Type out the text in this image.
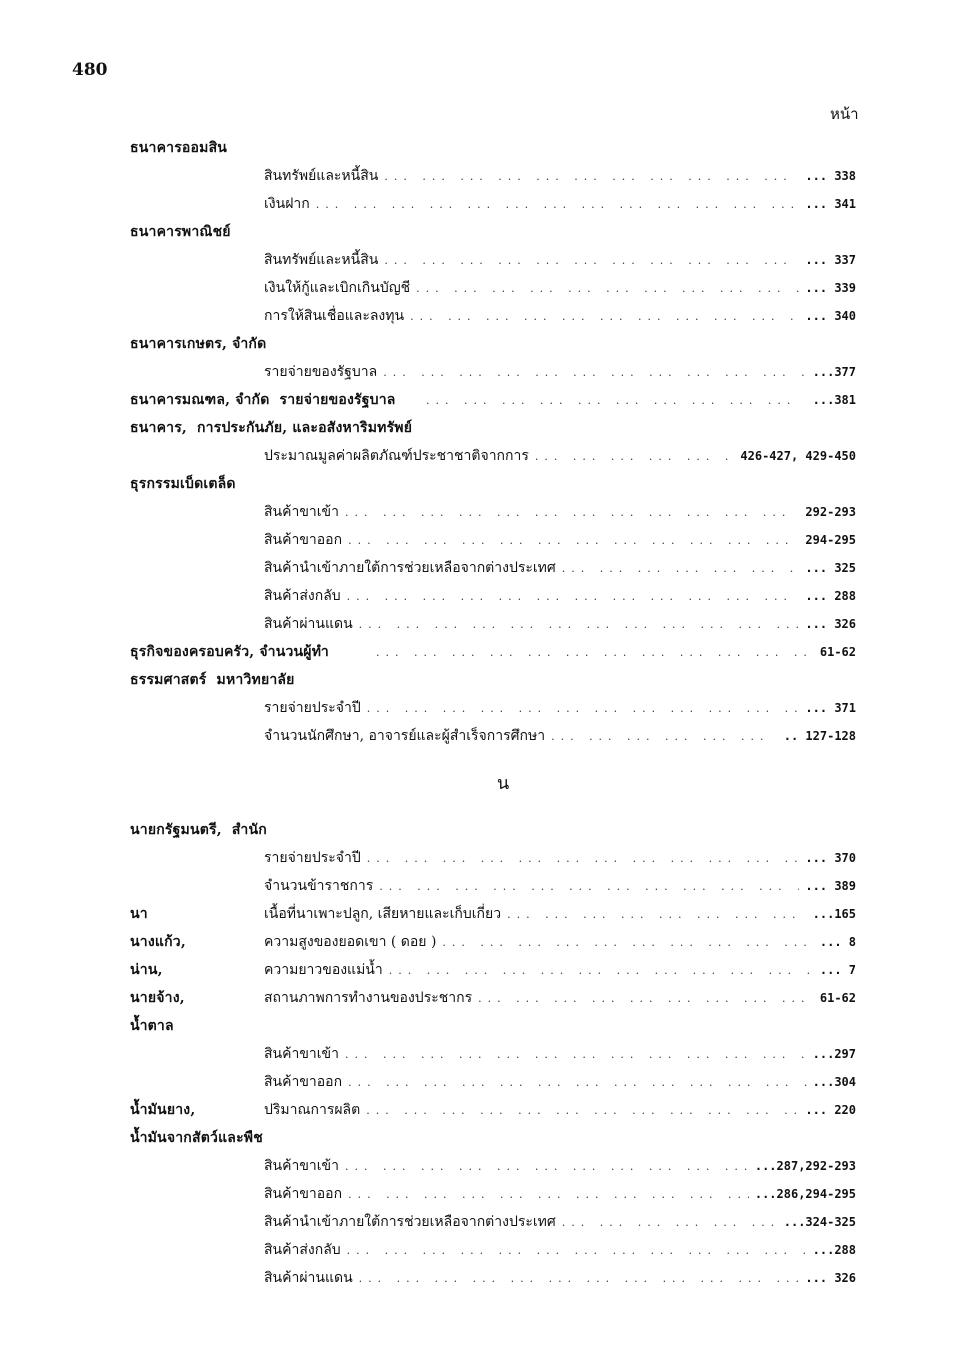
480
หน้า
ธนาคารออมสิน
สินทรัพย์และหนี้สิน ... .	... 338
เงินฝาก ... .	... 341
ธนาคารพาณิชย์
สินทรัพย์และหนี้สิน ... .	... 337
เงินให้กู้และเบิกเกินบัญชี ... .	... 339
การให้สินเชื่อและลงทุน ... .	... 340
ธนาคารเกษตร, จำกัด
รายจ่ายของรัฐบาล ... .	...377
ธนาคารมณฑล, จำกัด รายจ่ายของรัฐบาล ... .	...381
ธนาคาร, การประกันภัย, และอสังหาริมทรัพย์
ประมาณมูลค่าผลิตภัณฑ์ประชาชาติจากการ ... .	426-427, 429-450
ธุรกรรมเบ็ดเตล็ด
สินค้าขาเข้า ... .	292-293
สินค้าขาออก ... .	294-295
สินค้านำเข้าภายใต้การช่วยเหลือจากต่างประเทศ ... .	... 325
สินค้าส่งกลับ ... .	... 288
สินค้าผ่านแดน ... .	... 326
ธุรกิจของครอบครัว, จำนวนผู้ทำ ... .	61-62
ธรรมศาสตร์ มหาวิทยาลัย
รายจ่ายประจำปี ... .	... 371
จำนวนนักศึกษา, อาจารย์และผู้สำเร็จการศึกษา ... .	.. 127-128
น
นายกรัฐมนตรี, สำนัก
รายจ่ายประจำปี ... .	... 370
จำนวนข้าราชการ ... .	... 389
นา	เนื้อที่นาเพาะปลูก, เสียหายและเก็บเกี่ยว ... .	...165
นางแก้ว,	ความสูงของยอดเขา ( ดอย ) ... .	... 8
น่าน,	ความยาวของแม่น้ำ ... .	... 7
นายจ้าง,	สถานภาพการทำงานของประชากร ... .	61-62
น้ำตาล
สินค้าขาเข้า ... .	...297
สินค้าขาออก ... .	...304
น้ำมันยาง,	ปริมาณการผลิต ... .	... 220
น้ำมันจากสัตว์และพืช
สินค้าขาเข้า ... .	...287,292-293
สินค้าขาออก ... .	...286,294-295
สินค้านำเข้าภายใต้การช่วยเหลือจากต่างประเทศ ... .	...324-325
สินค้าส่งกลับ ... .	...288
สินค้าผ่านแดน ... .	... 326
